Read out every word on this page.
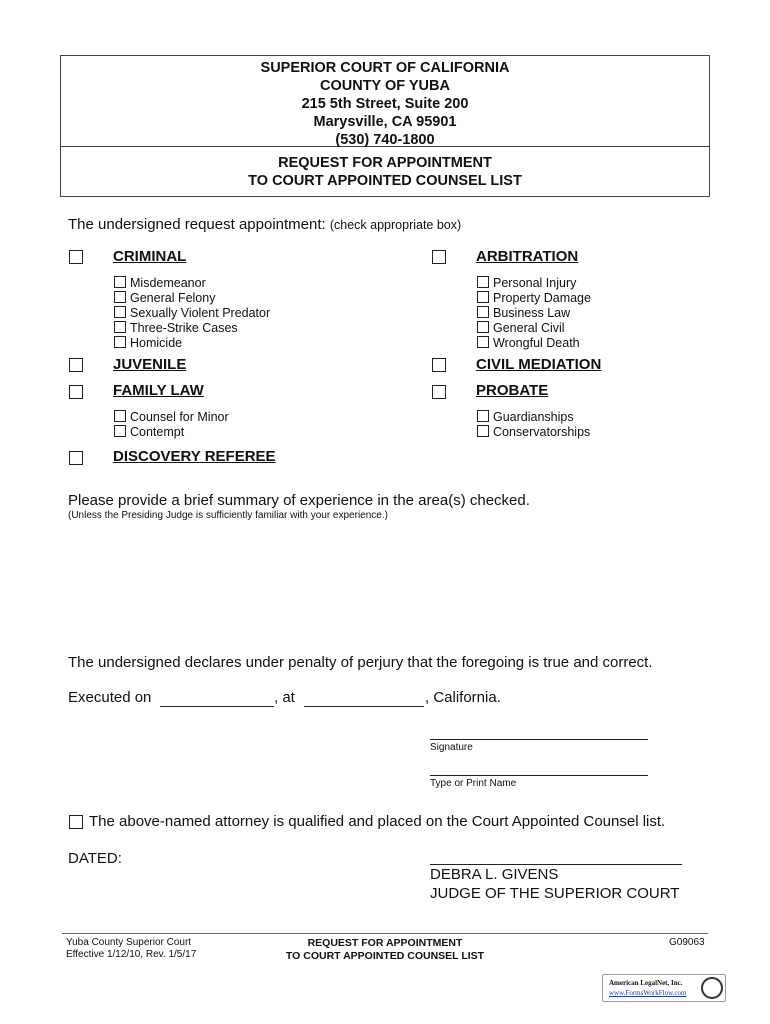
SUPERIOR COURT OF CALIFORNIA
COUNTY OF YUBA
215 5th Street, Suite 200
Marysville, CA 95901
(530) 740-1800
REQUEST FOR APPOINTMENT
TO COURT APPOINTED COUNSEL LIST
The undersigned request appointment: (check appropriate box)
CRIMINAL
Misdemeanor
General Felony
Sexually Violent Predator
Three-Strike Cases
Homicide
ARBITRATION
Personal Injury
Property Damage
Business Law
General Civil
Wrongful Death
JUVENILE	CIVIL MEDIATION
FAMILY LAW
Counsel for Minor
Contempt
PROBATE
Guardianships
Conservatorships
DISCOVERY REFEREE
Please provide a brief summary of experience in the area(s) checked.
(Unless the Presiding Judge is sufficiently familiar with your experience.)
The undersigned declares under penalty of perjury that the foregoing is true and correct.
Executed on	, at	, California.
Signature
Type or Print Name
The above-named attorney is qualified and placed on the Court Appointed Counsel list.
DATED:
DEBRA L. GIVENS
JUDGE OF THE SUPERIOR COURT
Yuba County Superior Court
Effective 1/12/10, Rev. 1/5/17
REQUEST FOR APPOINTMENT
TO COURT APPOINTED COUNSEL LIST
G09063
American LegalNet, Inc.
www.FormsWorkFlow.com
